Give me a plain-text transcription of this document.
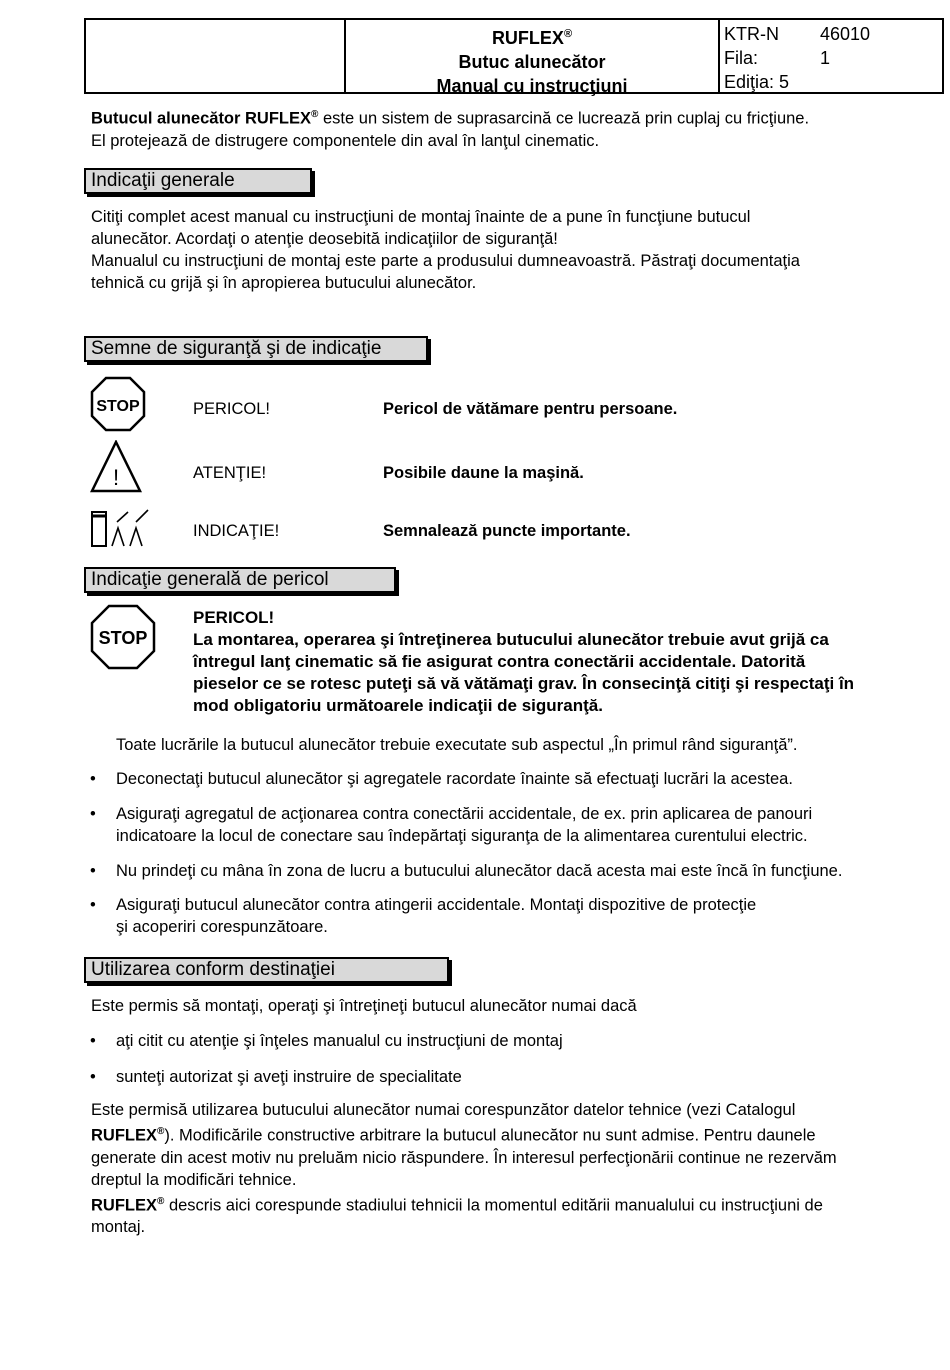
RUFLEX®
Butuc alunecător
Manual cu instrucţiuni
KTR-N	46010
Fila:	1
Ediţia: 5
Butucul alunecător RUFLEX® este un sistem de suprasarcină ce lucrează prin cuplaj cu fricţiune.
El protejează de distrugere componentele din aval în lanţul cinematic.
Indicaţii generale
Citiţi complet acest manual cu instrucţiuni de montaj înainte de a pune în funcţiune butucul
alunecător. Acordaţi o atenţie deosebită indicaţiilor de siguranţă!
Manualul cu instrucţiuni de montaj este parte a produsului dumneavoastră. Păstraţi documentaţia
tehnică cu grijă şi în apropierea butucului alunecător.
Semne de siguranţă şi de indicaţie
STOP	PERICOL!	Pericol de vătămare pentru persoane.
!	ATENŢIE!	Posibile daune la maşină.
INDICAŢIE!	Semnalează puncte importante.
Indicaţie generală de pericol
STOP
PERICOL!
La montarea, operarea şi întreţinerea butucului alunecător trebuie avut grijă ca
întregul lanţ cinematic să fie asigurat contra conectării accidentale. Datorită
pieselor ce se rotesc puteţi să vă vătămaţi grav. În consecinţă citiţi şi respectaţi în
mod obligatoriu următoarele indicaţii de siguranţă.
Toate lucrările la butucul alunecător trebuie executate sub aspectul „În primul rând siguranţă”.
• Deconectaţi butucul alunecător şi agregatele racordate înainte să efectuaţi lucrări la acestea.
• Asiguraţi agregatul de acţionarea contra conectării accidentale, de ex. prin aplicarea de panouri
indicatoare la locul de conectare sau îndepărtaţi siguranţa de la alimentarea curentului electric.
• Nu prindeţi cu mâna în zona de lucru a butucului alunecător dacă acesta mai este încă în funcţiune.
• Asiguraţi butucul alunecător contra atingerii accidentale. Montaţi dispozitive de protecţie
şi acoperiri corespunzătoare.
Utilizarea conform destinaţiei
Este permis să montaţi, operaţi şi întreţineţi butucul alunecător numai dacă
• aţi citit cu atenţie şi înţeles manualul cu instrucţiuni de montaj
• sunteţi autorizat şi aveţi instruire de specialitate
Este permisă utilizarea butucului alunecător numai corespunzător datelor tehnice (vezi Catalogul
RUFLEX®). Modificările constructive arbitrare la butucul alunecător nu sunt admise. Pentru daunele
generate din acest motiv nu preluăm nicio răspundere. În interesul perfecţionării continue ne rezervăm
dreptul la modificări tehnice.
RUFLEX® descris aici corespunde stadiului tehnicii la momentul editării manualului cu instrucţiuni de
montaj.
